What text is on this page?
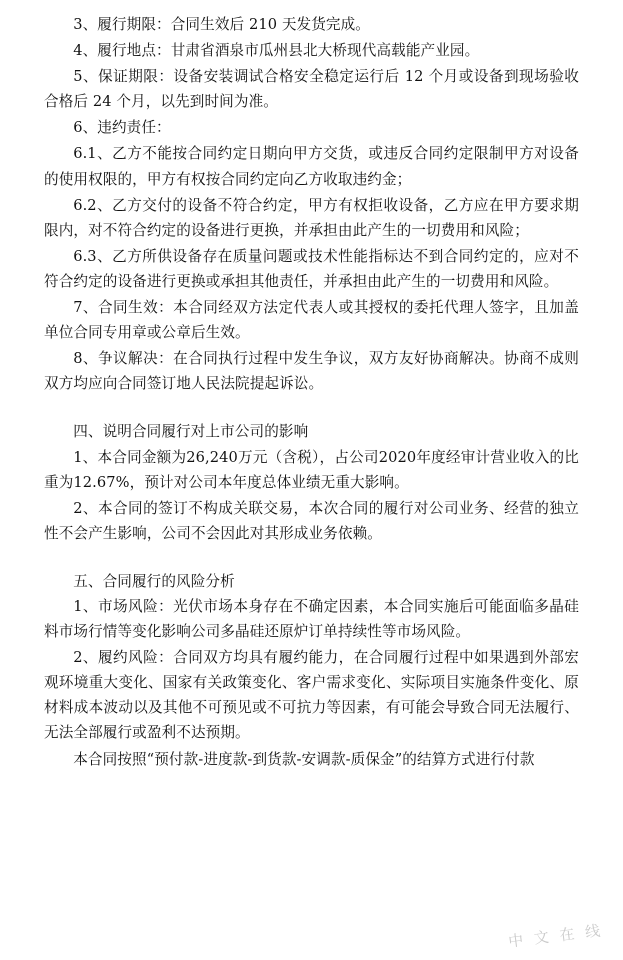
3、履行期限：合同生效后 210 天发货完成。

4、履行地点：甘肃省酒泉市瓜州县北大桥现代高载能产业园。

5、保证期限：设备安装调试合格安全稳定运行后 12 个月或设备到现场验收合格后 24 个月，以先到时间为准。

6、违约责任：

6.1、乙方不能按合同约定日期向甲方交货，或违反合同约定限制甲方对设备的使用权限的，甲方有权按合同约定向乙方收取违约金；

6.2、乙方交付的设备不符合约定，甲方有权拒收设备，乙方应在甲方要求期限内，对不符合约定的设备进行更换，并承担由此产生的一切费用和风险；

6.3、乙方所供设备存在质量问题或技术性能指标达不到合同约定的，应对不符合约定的设备进行更换或承担其他责任，并承担由此产生的一切费用和风险。

7、合同生效：本合同经双方法定代表人或其授权的委托代理人签字，且加盖单位合同专用章或公章后生效。

8、争议解决：在合同执行过程中发生争议，双方友好协商解决。协商不成则双方均应向合同签订地人民法院提起诉讼。

四、说明合同履行对上市公司的影响

1、本合同金额为26,240万元（含税），占公司2020年度经审计营业收入的比重为12.67%，预计对公司本年度总体业绩无重大影响。

2、本合同的签订不构成关联交易，本次合同的履行对公司业务、经营的独立性不会产生影响，公司不会因此对其形成业务依赖。

五、合同履行的风险分析

1、市场风险：光伏市场本身存在不确定因素，本合同实施后可能面临多晶硅料市场行情等变化影响公司多晶硅还原炉订单持续性等市场风险。

2、履约风险：合同双方均具有履约能力，在合同履行过程中如果遇到外部宏观环境重大变化、国家有关政策变化、客户需求变化、实际项目实施条件变化、原材料成本波动以及其他不可预见或不可抗力等因素，有可能会导致合同无法履行、无法全部履行或盈利不达预期。

本合同按照“预付款-进度款-到货款-安调款-质保金”的结算方式进行付款

中 文 在 线
